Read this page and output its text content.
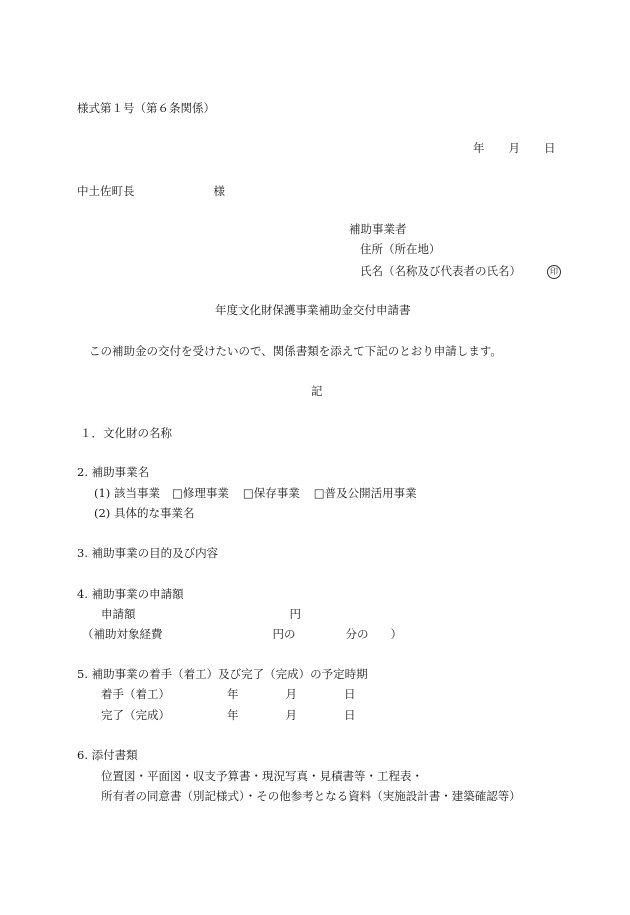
様式第１号（第６条関係）
年 月 日
中土佐町長	様
補助事業者
住所（所在地）
氏名（名称及び代表者の氏名）	印
年度文化財保護事業補助金交付申請書
この補助金の交付を受けたいので、関係書類を添えて下記のとおり申請します。
記
１．文化財の名称
2. 補助事業名
(1) 該当事業 □修理事業 □保存事業 □普及公開活用事業
(2) 具体的な事業名
3. 補助事業の目的及び内容
4. 補助事業の申請額
申請額	円
（補助対象経費	円の	分の ）
5. 補助事業の着手（着工）及び完了（完成）の予定時期
着手（着工）	年	月	日
完了（完成）	年	月	日
6. 添付書類
位置図・平面図・収支予算書・現況写真・見積書等・工程表・
所有者の同意書（別記様式）・その他参考となる資料（実施設計書・建築確認等）
